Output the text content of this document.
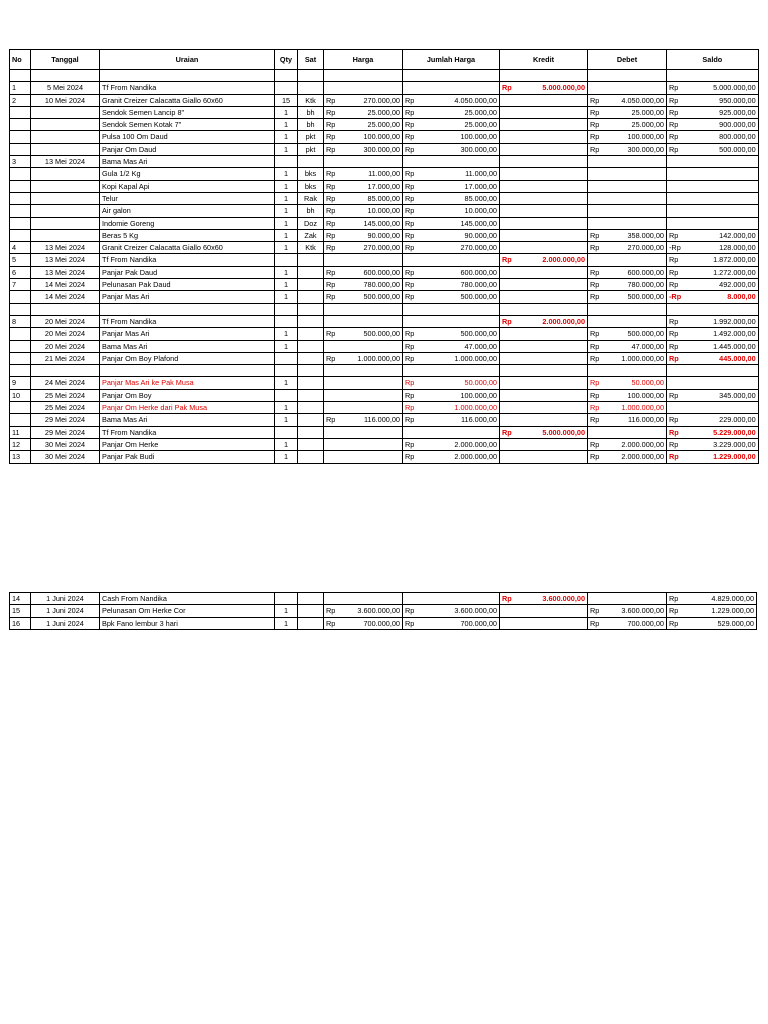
No	Tanggal	Uraian	Qty	Sat	Harga		Jumlah Harga		Kredit		Debet		Saldo	

1	5 Mei 2024	Tf From Nandika							Rp	5.000.000,00			Rp	5.000.000,00
2	10 Mei 2024	Granit Creizer Calacatta Giallo 60x60	15	Ktk	Rp	270.000,00	Rp	4.050.000,00			Rp	4.050.000,00	Rp	950.000,00
		Sendok Semen Lancip 8"	1	bh	Rp	25.000,00	Rp	25.000,00			Rp	25.000,00	Rp	925.000,00
		Sendok Semen Kotak 7"	1	bh	Rp	25.000,00	Rp	25.000,00			Rp	25.000,00	Rp	900.000,00
		Pulsa 100 Om Daud	1	pkt	Rp	100.000,00	Rp	100.000,00			Rp	100.000,00	Rp	800.000,00
		Panjar Om Daud	1	pkt	Rp	300.000,00	Rp	300.000,00			Rp	300.000,00	Rp	500.000,00
3	13 Mei 2024	Bama Mas Ari												
		Gula 1/2 Kg	1	bks	Rp	11.000,00	Rp	11.000,00						
		Kopi Kapal Api	1	bks	Rp	17.000,00	Rp	17.000,00						
		Telur	1	Rak	Rp	85.000,00	Rp	85.000,00						
		Air galon	1	bh	Rp	10.000,00	Rp	10.000,00						
		Indomie Goreng	1	Doz	Rp	145.000,00	Rp	145.000,00						
		Beras 5 Kg	1	Zak	Rp	90.000,00	Rp	90.000,00			Rp	358.000,00	Rp	142.000,00
4	13 Mei 2024	Granit Creizer Calacatta Giallo 60x60	1	Ktk	Rp	270.000,00	Rp	270.000,00			Rp	270.000,00	-Rp	128.000,00
5	13 Mei 2024	Tf From Nandika							Rp	2.000.000,00			Rp	1.872.000,00
6	13 Mei 2024	Panjar Pak Daud	1		Rp	600.000,00	Rp	600.000,00			Rp	600.000,00	Rp	1.272.000,00
7	14 Mei 2024	Pelunasan Pak Daud	1		Rp	780.000,00	Rp	780.000,00			Rp	780.000,00	Rp	492.000,00
	14 Mei 2024	Panjar Mas Ari	1		Rp	500.000,00	Rp	500.000,00			Rp	500.000,00	-Rp	8.000,00

8	20 Mei 2024	Tf From Nandika							Rp	2.000.000,00			Rp	1.992.000,00
	20 Mei 2024	Panjar Mas Ari	1		Rp	500.000,00	Rp	500.000,00			Rp	500.000,00	Rp	1.492.000,00
	20 Mei 2024	Bama Mas Ari	1				Rp	47.000,00			Rp	47.000,00	Rp	1.445.000,00
	21 Mei 2024	Panjar Om Boy Plafond			Rp	1.000.000,00	Rp	1.000.000,00			Rp	1.000.000,00	Rp	445.000,00

9	24 Mei 2024	Panjar Mas Ari ke Pak Musa	1				Rp	50.000,00			Rp	50.000,00		
10	25 Mei 2024	Panjar Om Boy					Rp	100.000,00			Rp	100.000,00	Rp	345.000,00
	25 Mei 2024	Panjar Om Herke dari Pak Musa	1				Rp	1.000.000,00			Rp	1.000.000,00		
	29 Mei 2024	Bama Mas Ari	1		Rp	116.000,00	Rp	116.000,00			Rp	116.000,00	Rp	229.000,00
11	29 Mei 2024	Tf From Nandika							Rp	5.000.000,00			Rp	5.229.000,00
12	30 Mei 2024	Panjar Om Herke	1				Rp	2.000.000,00			Rp	2.000.000,00	Rp	3.229.000,00
13	30 Mei 2024	Panjar Pak Budi	1				Rp	2.000.000,00			Rp	2.000.000,00	Rp	1.229.000,00
14	1 Juni 2024	Cash From Nandika							Rp	3.600.000,00			Rp	4.829.000,00
15	1 Juni 2024	Pelunasan Om Herke Cor	1		Rp	3.600.000,00	Rp	3.600.000,00			Rp	3.600.000,00	Rp	1.229.000,00
16	1 Juni 2024	Bpk Fano lembur 3 hari	1		Rp	700.000,00	Rp	700.000,00			Rp	700.000,00	Rp	529.000,00
